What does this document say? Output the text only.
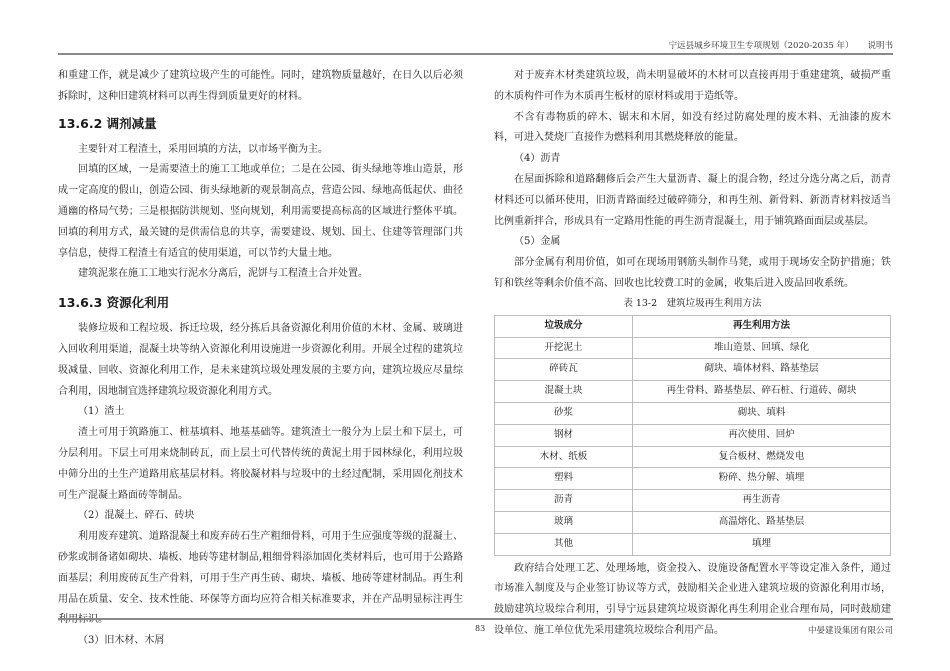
宁远县城乡环境卫生专项规划（2020-2035 年） 说明书

和重建工作，就是减少了建筑垃圾产生的可能性。同时，建筑物质量越好，在日久以后必须拆除时，这种旧建筑材料可以再生得到质量更好的材料。

13.6.2 调剂减量

主要针对工程渣土，采用回填的方法，以市场平衡为主。

回填的区域，一是需要渣土的施工工地或单位；二是在公园、街头绿地等堆山造景，形成一定高度的假山，创造公园、街头绿地新的观景制高点，营造公园、绿地高低起伏、曲径通幽的格局气势；三是根据防洪规划、竖向规划，利用需要提高标高的区域进行整体平填。回填的利用方式，最关键的是供需信息的共享，需要建设、规划、国土、住建等管理部门共享信息，使得工程渣土有适宜的使用渠道，可以节约大量土地。

建筑泥浆在施工工地实行泥水分离后，泥饼与工程渣土合并处置。

13.6.3 资源化利用

装修垃圾和工程垃圾、拆迁垃圾，经分拣后具备资源化利用价值的木材、金属、玻璃进入回收利用渠道，混凝土块等纳入资源化利用设施进一步资源化利用。开展全过程的建筑垃圾减量、回收、资源化利用工作，是未来建筑垃圾处理发展的主要方向，建筑垃圾应尽量综合利用，因地制宜选择建筑垃圾资源化利用方式。

（1）渣土

渣土可用于筑路施工、桩基填料、地基基础等。建筑渣土一般分为上层土和下层土，可分层利用。下层土可用来烧制砖瓦，而上层土可代替传统的黄泥土用于园林绿化，利用垃圾中筛分出的土生产道路用底基层材料。将胶凝材料与垃圾中的土经过配制，采用固化剂技术可生产混凝土路面砖等制品。

（2）混凝土、碎石、砖块

利用废弃建筑、道路混凝土和废弃砖石生产粗细骨料，可用于生应强度等级的混凝土、砂浆或制备诸如砌块、墙板、地砖等建材制品,粗细骨料添加固化类材料后，也可用于公路路面基层；利用废砖瓦生产骨料，可用于生产再生砖、砌块、墙板、地砖等建材制品。再生利用品在质量、安全、技术性能、环保等方面均应符合相关标准要求，并在产品明显标注再生

（3）旧木材、木屑

对于废弃木材类建筑垃圾，尚未明显破坏的木材可以直接再用于重建建筑，破损严重的木质构件可作为木质再生板材的原材料或用于造纸等。

不含有毒物质的碎木、锯末和木屑，如没有经过防腐处理的废木料、无油漆的废木料，可进入焚烧厂直接作为燃料利用其燃烧释放的能量。

（4）沥青

在屋面拆除和道路翻修后会产生大量沥青、凝上的混合物，经过分选分离之后，沥青材料还可以循环使用，旧沥青路面经过破碎筛分，和再生剂、新骨料、新沥青材料按适当比例重新拌合，形成具有一定路用性能的再生沥青混凝土，用于铺筑路面面层或基层。

（5）金属

部分金属有利用价值，如可在现场用钢筋头制作马凳，或用于现场安全防护措施；铁钉和铁丝等剩余价值不高、回收也比较费工时的金属，收集后进入废品回收系统。

表 13-2　建筑垃圾再生利用方法

垃圾成分	再生利用方法
开挖泥土	堆山造景、回填、绿化
碎砖瓦	砌块、墙体材料、路基垫层
混凝土块	再生骨料、路基垫层、碎石桩、行道砖、砌块
砂浆	砌块、填料
钢材	再次使用、回炉
木材、纸板	复合板材、燃烧发电
塑料	粉碎、热分解、填埋
沥青	再生沥青
玻璃	高温熔化、路基垫层
其他	填埋

政府结合处理工艺、处理场地，资金投入、设施设备配置水平等设定准入条件，通过市场准入制度及与企业签订协议等方式，鼓励相关企业进入建筑垃圾的资源化利用市场，鼓励建筑垃圾综合利用，引导宁远县建筑垃圾资源化再生利用企业合理布局，同时鼓励建设单位、施工单位优先采用建筑垃圾综合利用产品。

83	中晏建设集团有限公司
